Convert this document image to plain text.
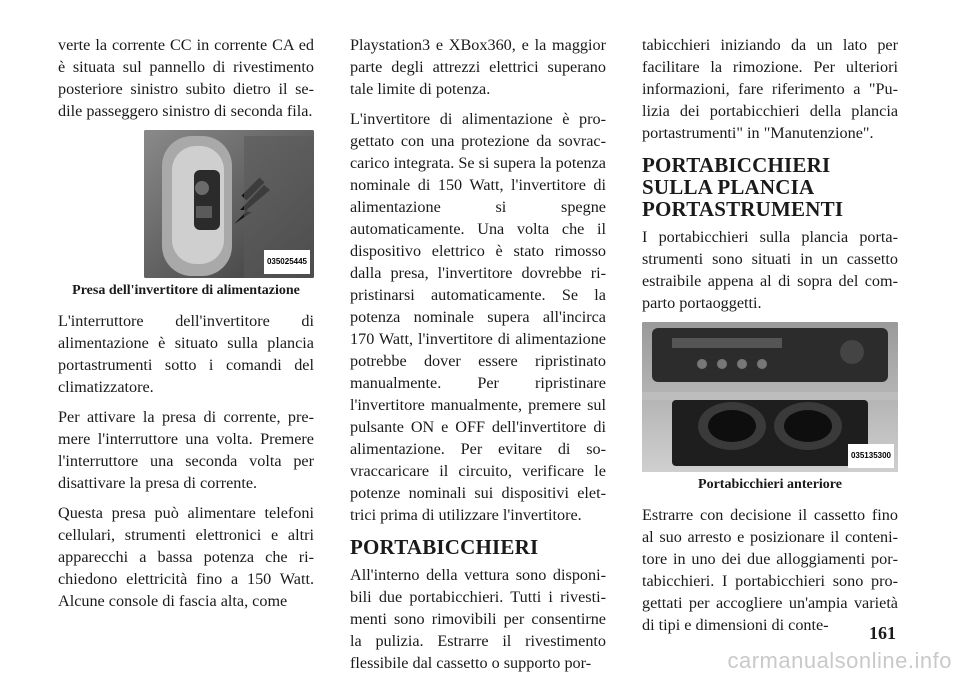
verte la corrente CC in corrente CA ed è situata sul pannello di rivestimento posteriore sinistro subito dietro il sedile passeggero sinistro di seconda fila.

035025445
Presa dell'invertitore di alimentazione

L'interruttore dell'invertitore di alimentazione è situato sulla plancia portastrumenti sotto i comandi del climatizzatore.

Per attivare la presa di corrente, premere l'interruttore una volta. Premere l'interruttore una seconda volta per disattivare la presa di corrente.

Questa presa può alimentare telefoni cellulari, strumenti elettronici e altri apparecchi a bassa potenza che richiedono elettricità fino a 150 Watt. Alcune console di fascia alta, come

Playstation3 e XBox360, e la maggior parte degli attrezzi elettrici superano tale limite di potenza.

L'invertitore di alimentazione è progettato con una protezione da sovraccarico integrata. Se si supera la potenza nominale di 150 Watt, l'invertitore di alimentazione si spegne automaticamente. Una volta che il dispositivo elettrico è stato rimosso dalla presa, l'invertitore dovrebbe ripristinarsi automaticamente. Se la potenza nominale supera all'incirca 170 Watt, l'invertitore di alimentazione potrebbe dover essere ripristinato manualmente. Per ripristinare l'invertitore manualmente, premere sul pulsante ON e OFF dell'invertitore di alimentazione. Per evitare di sovraccaricare il circuito, verificare le potenze nominali sui dispositivi elettrici prima di utilizzare l'invertitore.

PORTABICCHIERI

All'interno della vettura sono disponibili due portabicchieri. Tutti i rivestimenti sono rimovibili per consentirne la pulizia. Estrarre il rivestimento flessibile dal cassetto o supporto por-

tabicchieri iniziando da un lato per facilitare la rimozione. Per ulteriori informazioni, fare riferimento a "Pulizia dei portabicchieri della plancia portastrumenti" in "Manutenzione".

PORTABICCHIERI SULLA PLANCIA PORTASTRUMENTI

I portabicchieri sulla plancia portastrumenti sono situati in un cassetto estraibile appena al di sopra del comparto portaoggetti.

035135300
Portabicchieri anteriore

Estrarre con decisione il cassetto fino al suo arresto e posizionare il contenitore in uno dei due alloggiamenti portabicchieri. I portabicchieri sono progettati per accogliere un'ampia varietà di tipi e dimensioni di conte-	161
carmanualsonline.info
